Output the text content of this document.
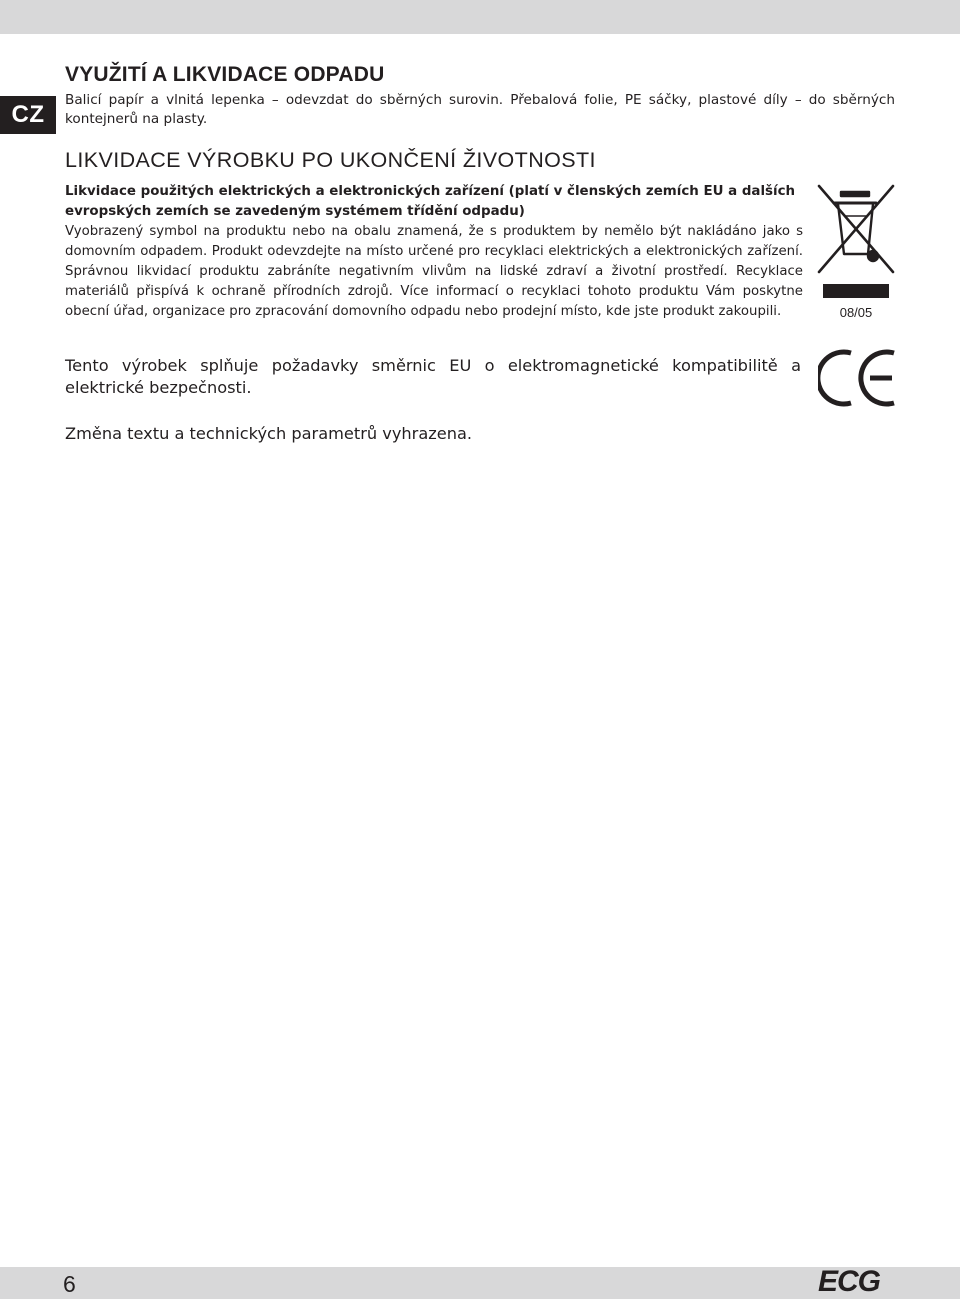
CZ
VYUŽITÍ A LIKVIDACE ODPADU

Balicí papír a vlnitá lepenka – odevzdat do sběrných surovin. Přebalová folie, PE sáčky, plastové díly – do sběrných kontejnerů na plasty.

LIKVIDACE VÝROBKU PO UKONČENÍ ŽIVOTNOSTI

Likvidace použitých elektrických a elektronických zařízení (platí v členských zemích EU a dalších evropských zemích se zavedeným systémem třídění odpadu)

Vyobrazený symbol na produktu nebo na obalu znamená, že s produktem by nemělo být nakládáno jako s domovním odpadem. Produkt odevzdejte na místo určené pro recyklaci elektrických a elektronických zařízení. Správnou likvidací produktu zabráníte negativním vlivům na lidské zdraví a životní prostředí. Recyklace materiálů přispívá k ochraně přírodních zdrojů. Více informací o recyklaci tohoto produktu Vám poskytne obecní úřad, organizace pro zpracování domovního odpadu nebo prodejní místo, kde jste produkt zakoupili.	08/05

Tento výrobek splňuje požadavky směrnic EU o elektromagnetické kompatibilitě a elektrické bezpečnosti.

Změna textu a technických parametrů vyhrazena.

6	ECG
